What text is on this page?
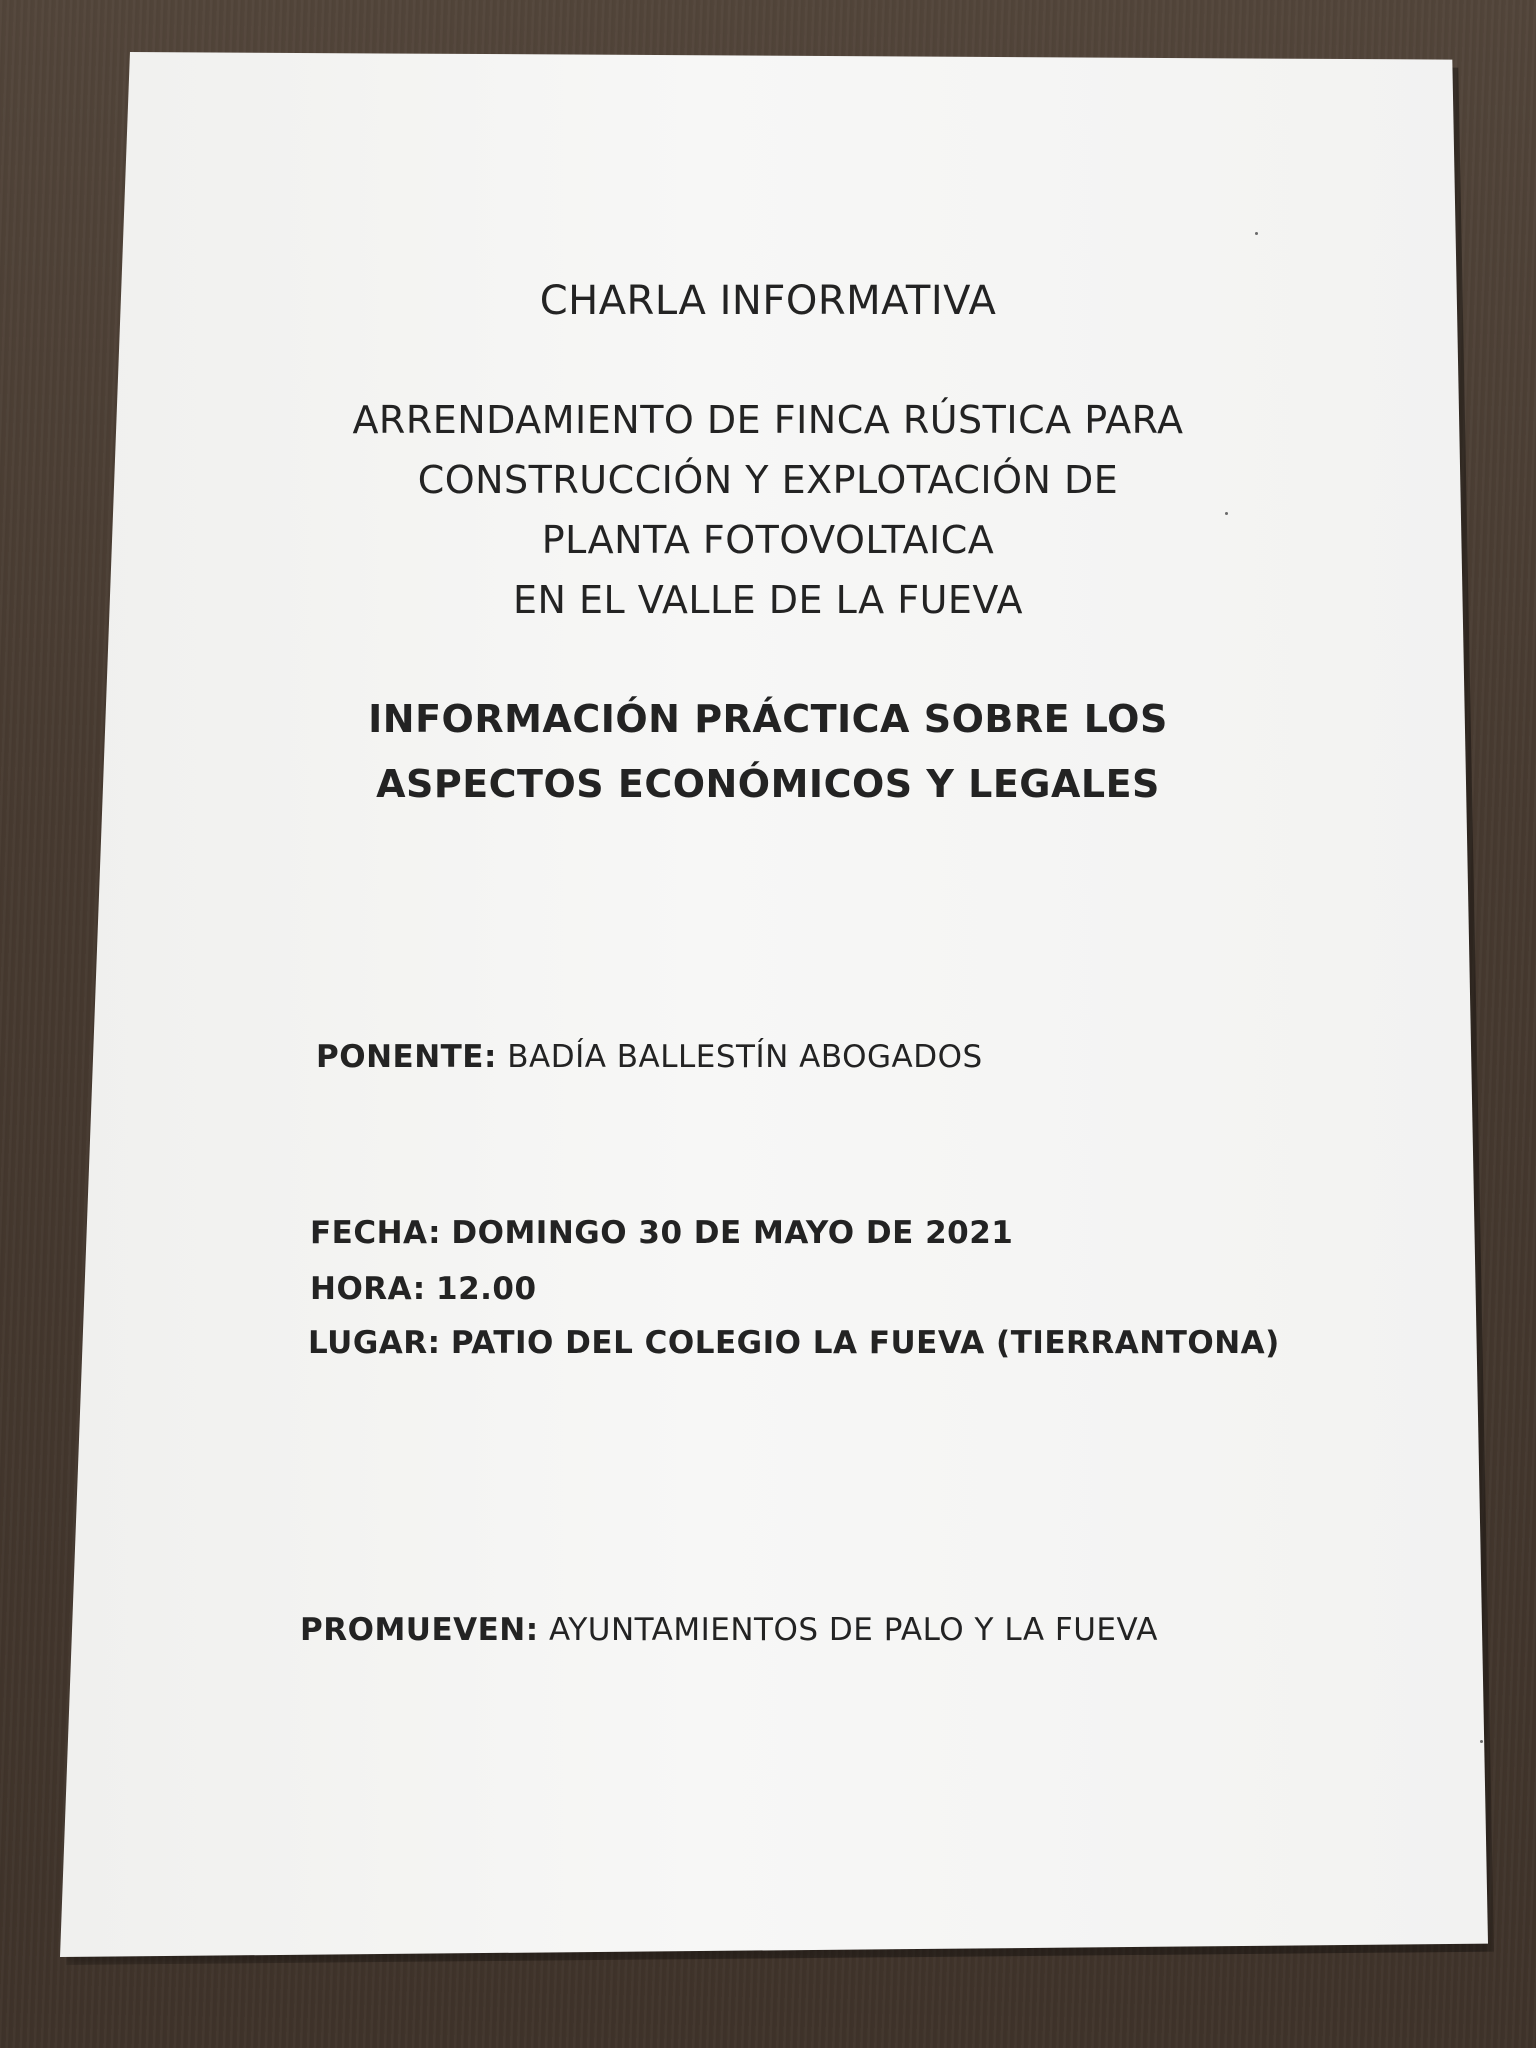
CHARLA INFORMATIVA
ARRENDAMIENTO DE FINCA RÚSTICA PARA
CONSTRUCCIÓN Y EXPLOTACIÓN DE
PLANTA FOTOVOLTAICA
EN EL VALLE DE LA FUEVA
INFORMACIÓN PRÁCTICA SOBRE LOS
ASPECTOS ECONÓMICOS Y LEGALES
PONENTE: BADÍA BALLESTÍN ABOGADOS
FECHA: DOMINGO 30 DE MAYO DE 2021
HORA: 12.00
LUGAR: PATIO DEL COLEGIO LA FUEVA (TIERRANTONA)
PROMUEVEN: AYUNTAMIENTOS DE PALO Y LA FUEVA
